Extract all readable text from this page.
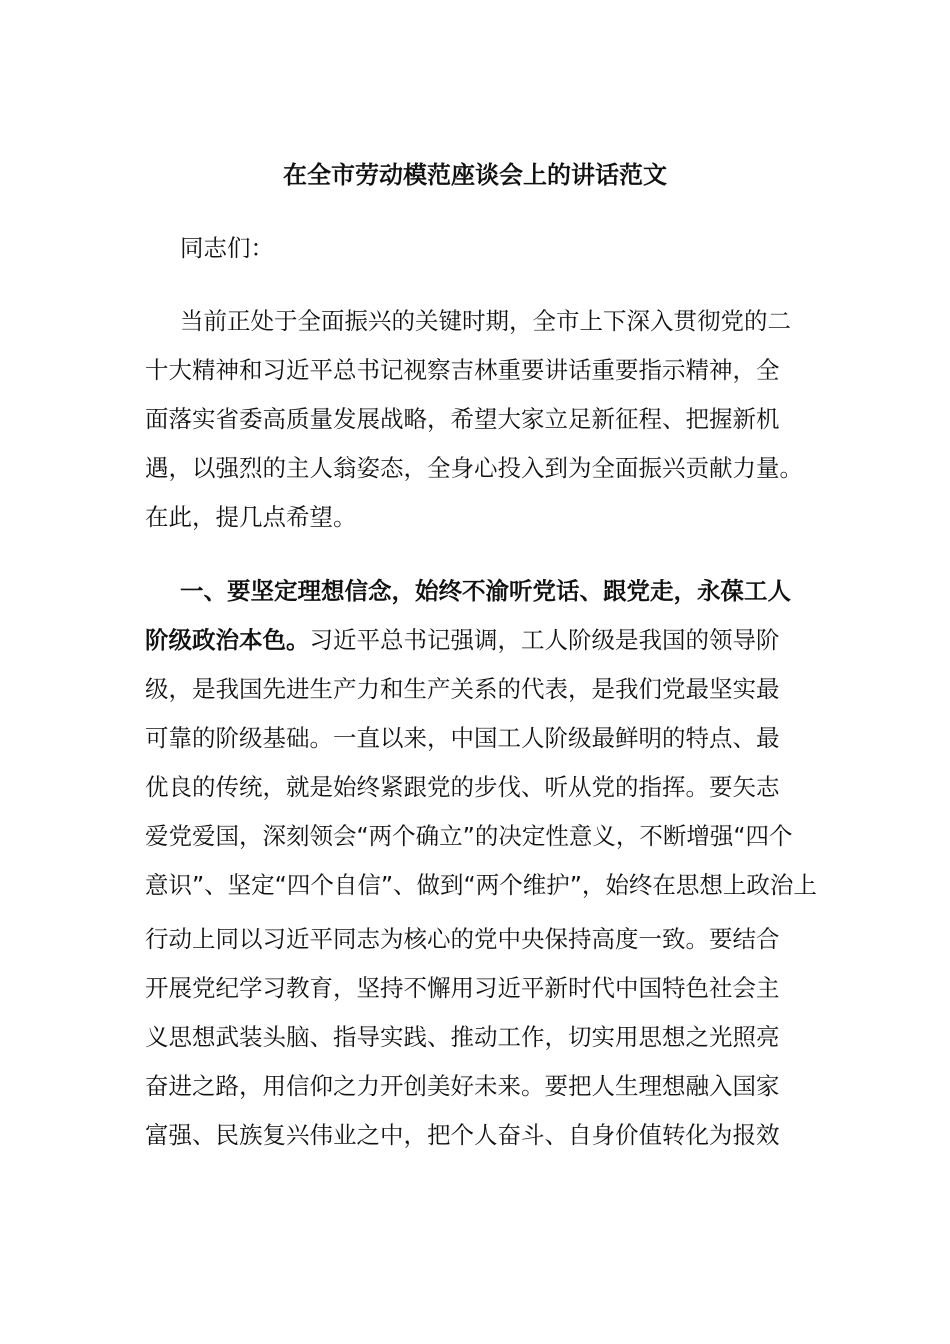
在全市劳动模范座谈会上的讲话范文

同志们：

当前正处于全面振兴的关键时期，全市上下深入贯彻党的二

十大精神和习近平总书记视察吉林重要讲话重要指示精神，全

面落实省委高质量发展战略，希望大家立足新征程、把握新机

遇，以强烈的主人翁姿态，全身心投入到为全面振兴贡献力量。

在此，提几点希望。

一、要坚定理想信念，始终不渝听党话、跟党走，永葆工人

阶级政治本色。习近平总书记强调，工人阶级是我国的领导阶

级，是我国先进生产力和生产关系的代表，是我们党最坚实最

可靠的阶级基础。一直以来，中国工人阶级最鲜明的特点、最

优良的传统，就是始终紧跟党的步伐、听从党的指挥。要矢志

爱党爱国，深刻领会“两个确立”的决定性意义，不断增强“四个

意识”、坚定“四个自信”、做到“两个维护”，始终在思想上政治上

行动上同以习近平同志为核心的党中央保持高度一致。要结合

开展党纪学习教育，坚持不懈用习近平新时代中国特色社会主

义思想武装头脑、指导实践、推动工作，切实用思想之光照亮

奋进之路，用信仰之力开创美好未来。要把人生理想融入国家

富强、民族复兴伟业之中，把个人奋斗、自身价值转化为报效
